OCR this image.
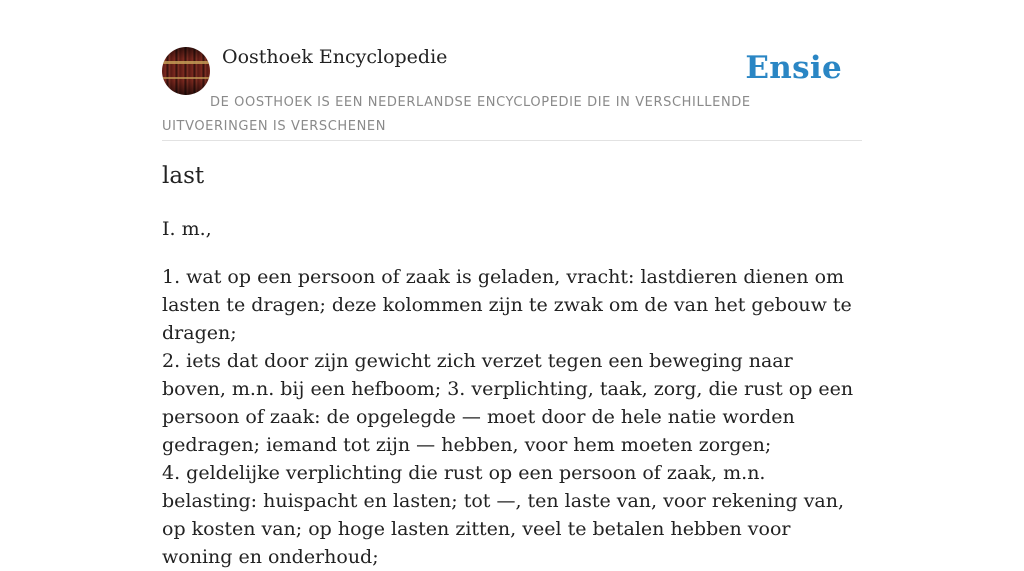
Oosthoek Encyclopedie	Ensie
DE OOSTHOEK IS EEN NEDERLANDSE ENCYCLOPEDIE DIE IN VERSCHILLENDE UITVOERINGEN IS VERSCHENEN
last
I. m.,

1. wat op een persoon of zaak is geladen, vracht: lastdieren dienen om lasten te dragen; deze kolommen zijn te zwak om de van het gebouw te dragen;

2. iets dat door zijn gewicht zich verzet tegen een beweging naar boven, m.n. bij een hefboom; 3. verplichting, taak, zorg, die rust op een persoon of zaak: de opgelegde — moet door de hele natie worden gedragen; iemand tot zijn — hebben, voor hem moeten zorgen;

4. geldelijke verplichting die rust op een persoon of zaak, m.n. belasting: huispacht en lasten; tot —, ten laste van, voor rekening van, op kosten van; op hoge lasten zitten, veel te betalen hebben voor woning en onderhoud;
